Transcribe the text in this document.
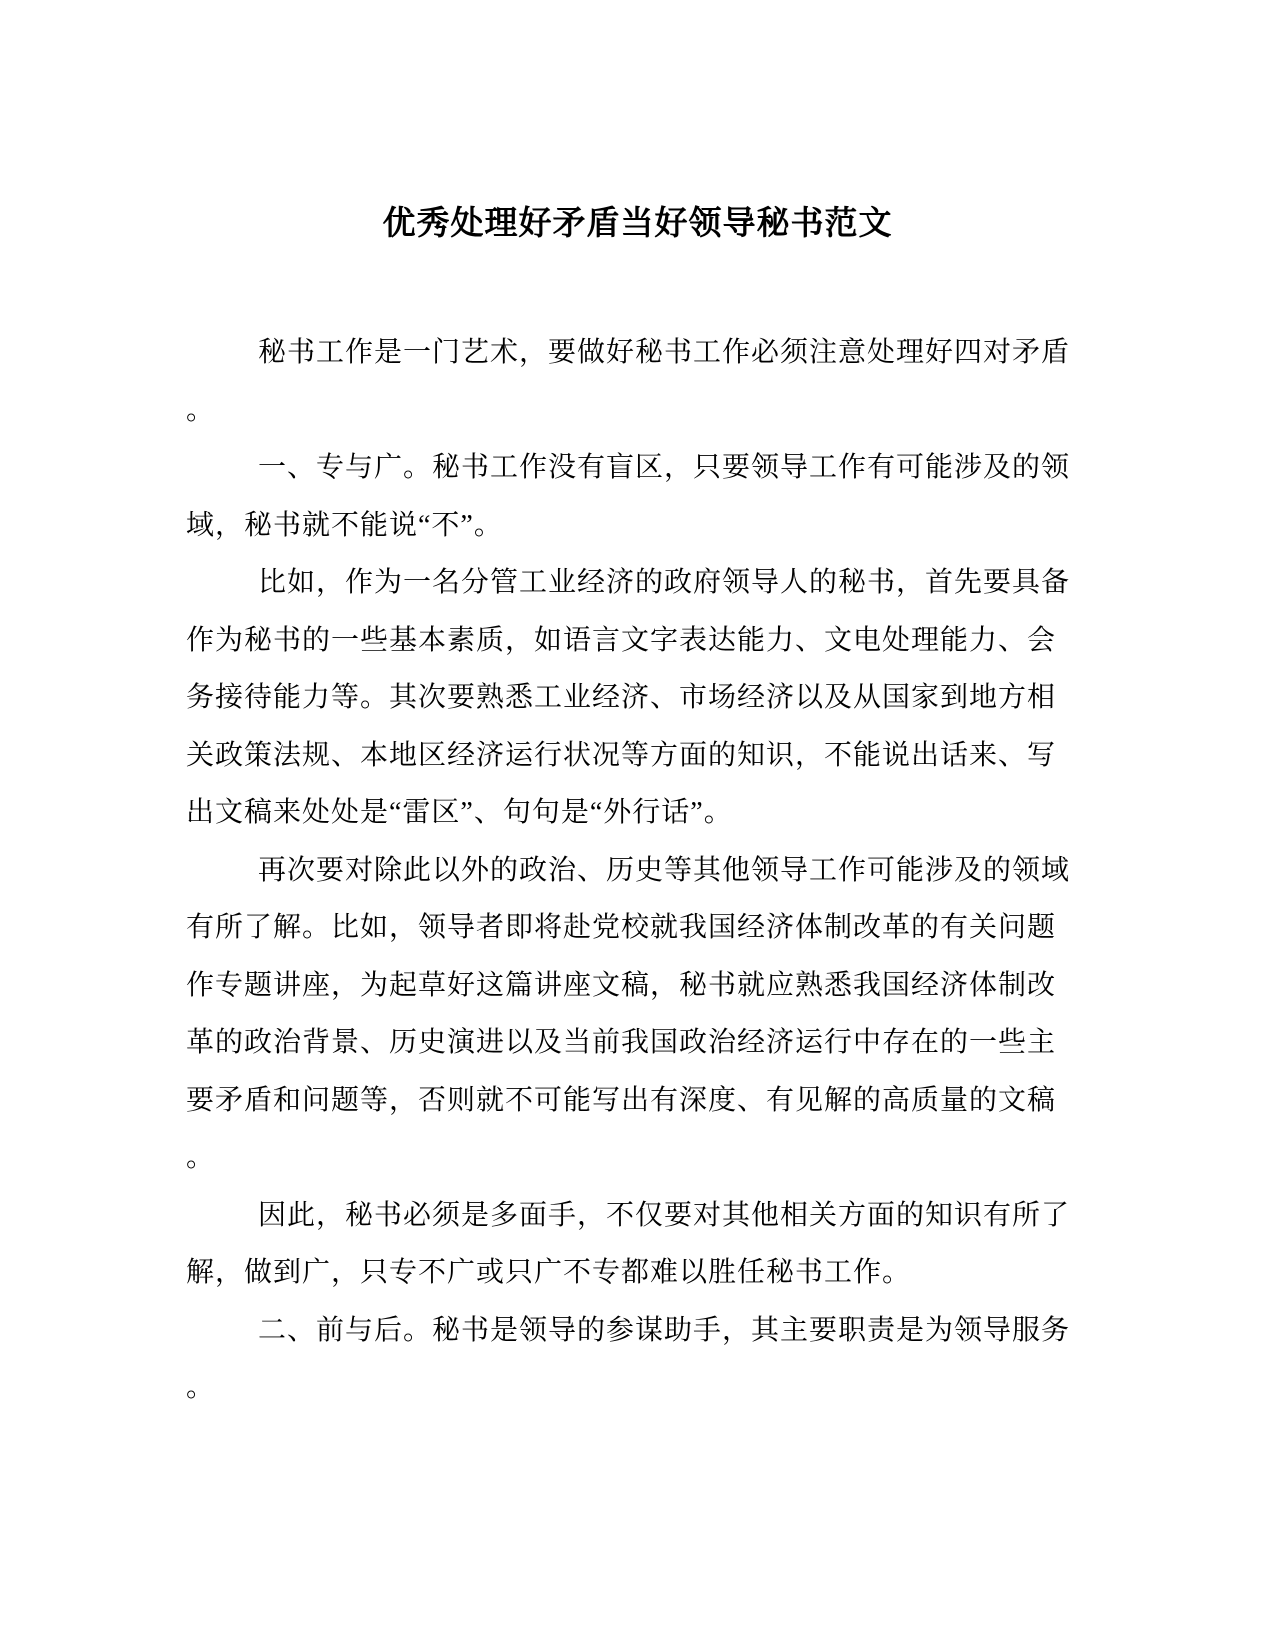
优秀处理好矛盾当好领导秘书范文
秘书工作是一门艺术，要做好秘书工作必须注意处理好四对矛盾
。
一、专与广。秘书工作没有盲区，只要领导工作有可能涉及的领
域，秘书就不能说“不”。
比如，作为一名分管工业经济的政府领导人的秘书，首先要具备
作为秘书的一些基本素质，如语言文字表达能力、文电处理能力、会
务接待能力等。其次要熟悉工业经济、市场经济以及从国家到地方相
关政策法规、本地区经济运行状况等方面的知识，不能说出话来、写
出文稿来处处是“雷区”、句句是“外行话”。
再次要对除此以外的政治、历史等其他领导工作可能涉及的领域
有所了解。比如，领导者即将赴党校就我国经济体制改革的有关问题
作专题讲座，为起草好这篇讲座文稿，秘书就应熟悉我国经济体制改
革的政治背景、历史演进以及当前我国政治经济运行中存在的一些主
要矛盾和问题等，否则就不可能写出有深度、有见解的高质量的文稿
。
因此，秘书必须是多面手，不仅要对其他相关方面的知识有所了
解，做到广，只专不广或只广不专都难以胜任秘书工作。
二、前与后。秘书是领导的参谋助手，其主要职责是为领导服务
。
